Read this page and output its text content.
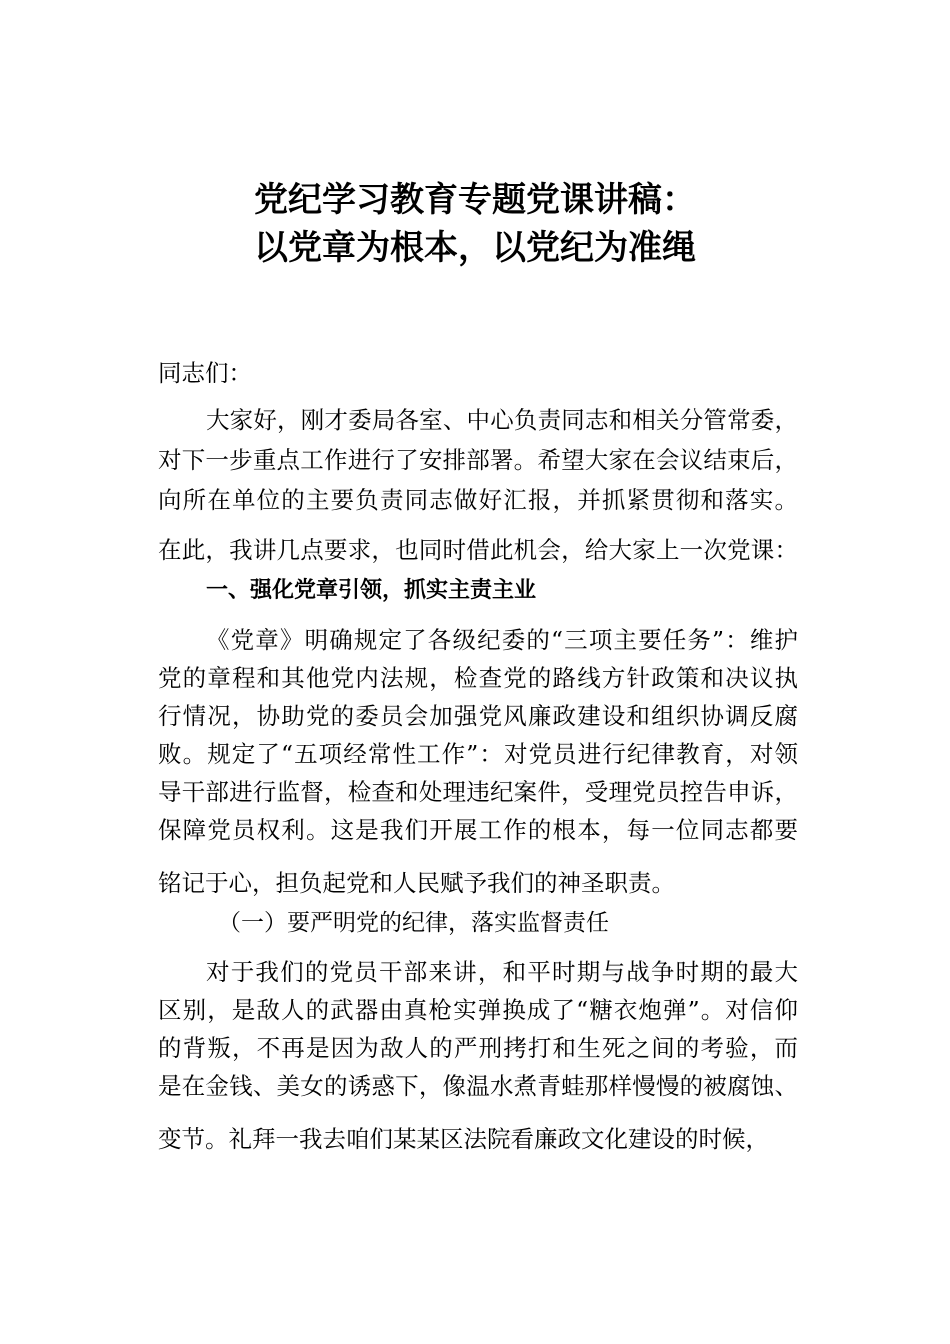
党纪学习教育专题党课讲稿：
以党章为根本，以党纪为准绳
同志们：
大家好，刚才委局各室、中心负责同志和相关分管常委，
对下一步重点工作进行了安排部署。希望大家在会议结束后，
向所在单位的主要负责同志做好汇报，并抓紧贯彻和落实。
在此，我讲几点要求，也同时借此机会，给大家上一次党课：
一、强化党章引领，抓实主责主业
《党章》明确规定了各级纪委的“三项主要任务”：维护
党的章程和其他党内法规，检查党的路线方针政策和决议执
行情况，协助党的委员会加强党风廉政建设和组织协调反腐
败。规定了“五项经常性工作”：对党员进行纪律教育，对领
导干部进行监督，检查和处理违纪案件，受理党员控告申诉，
保障党员权利。这是我们开展工作的根本，每一位同志都要
铭记于心，担负起党和人民赋予我们的神圣职责。
（一）要严明党的纪律，落实监督责任
对于我们的党员干部来讲，和平时期与战争时期的最大
区别，是敌人的武器由真枪实弹换成了“糖衣炮弹”。对信仰
的背叛，不再是因为敌人的严刑拷打和生死之间的考验，而
是在金钱、美女的诱惑下，像温水煮青蛙那样慢慢的被腐蚀、
变节。礼拜一我去咱们某某区法院看廉政文化建设的时候，
